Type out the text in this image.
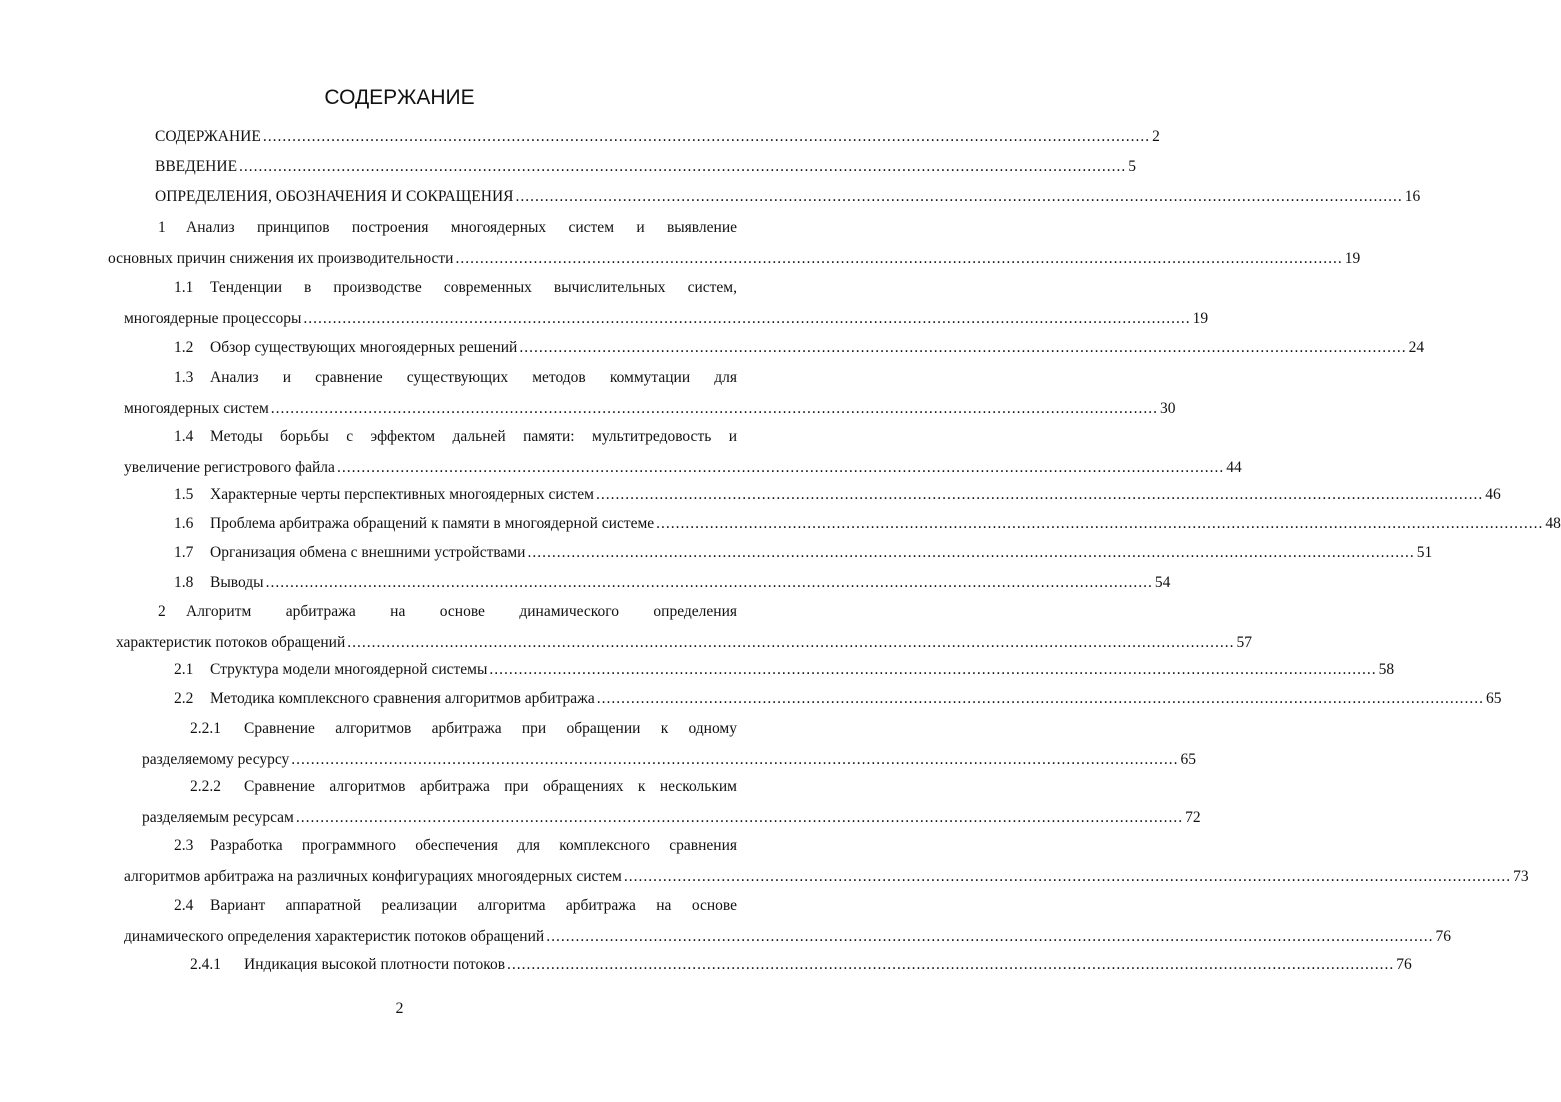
СОДЕРЖАНИЕ
СОДЕРЖАНИЕ ...................................................................................................................................................................................... 2
ВВЕДЕНИЕ ...................................................................................................................................................................................... 5
ОПРЕДЕЛЕНИЯ, ОБОЗНАЧЕНИЯ И СОКРАЩЕНИЯ ...................................................................................................................................................................................... 16
1 Анализ принципов построения многоядерных систем и выявление
основных причин снижения их производительности ...................................................................................................................................................................................... 19
1.1 Тенденции в производстве современных вычислительных систем,
многоядерные процессоры ...................................................................................................................................................................................... 19
1.2	Обзор существующих многоядерных решений ...................................................................................................................................................................................... 24
1.3 Анализ и сравнение существующих методов коммутации для
многоядерных систем ...................................................................................................................................................................................... 30
1.4 Методы борьбы с эффектом дальней памяти: мультитредовость и
увеличение регистрового файла ...................................................................................................................................................................................... 44
1.5	Характерные черты перспективных многоядерных систем ...................................................................................................................................................................................... 46
1.6	Проблема арбитража обращений к памяти в многоядерной системе ...................................................................................................................................................................................... 48
1.7	Организация обмена с внешними устройствами ...................................................................................................................................................................................... 51
1.8	Выводы ...................................................................................................................................................................................... 54
2 Алгоритм арбитража на основе динамического определения
характеристик потоков обращений ...................................................................................................................................................................................... 57
2.1	Структура модели многоядерной системы ...................................................................................................................................................................................... 58
2.2	Методика комплексного сравнения алгоритмов арбитража ...................................................................................................................................................................................... 65
2.2.1 Сравнение алгоритмов арбитража при обращении к одному
разделяемому ресурсу ...................................................................................................................................................................................... 65
2.2.2 Сравнение алгоритмов арбитража при обращениях к нескольким
разделяемым ресурсам ...................................................................................................................................................................................... 72
2.3 Разработка программного обеспечения для комплексного сравнения
алгоритмов арбитража на различных конфигурациях многоядерных систем ...................................................................................................................................................................................... 73
2.4 Вариант аппаратной реализации алгоритма арбитража на основе
динамического определения характеристик потоков обращений ...................................................................................................................................................................................... 76
2.4.1	Индикация высокой плотности потоков ...................................................................................................................................................................................... 76
2
